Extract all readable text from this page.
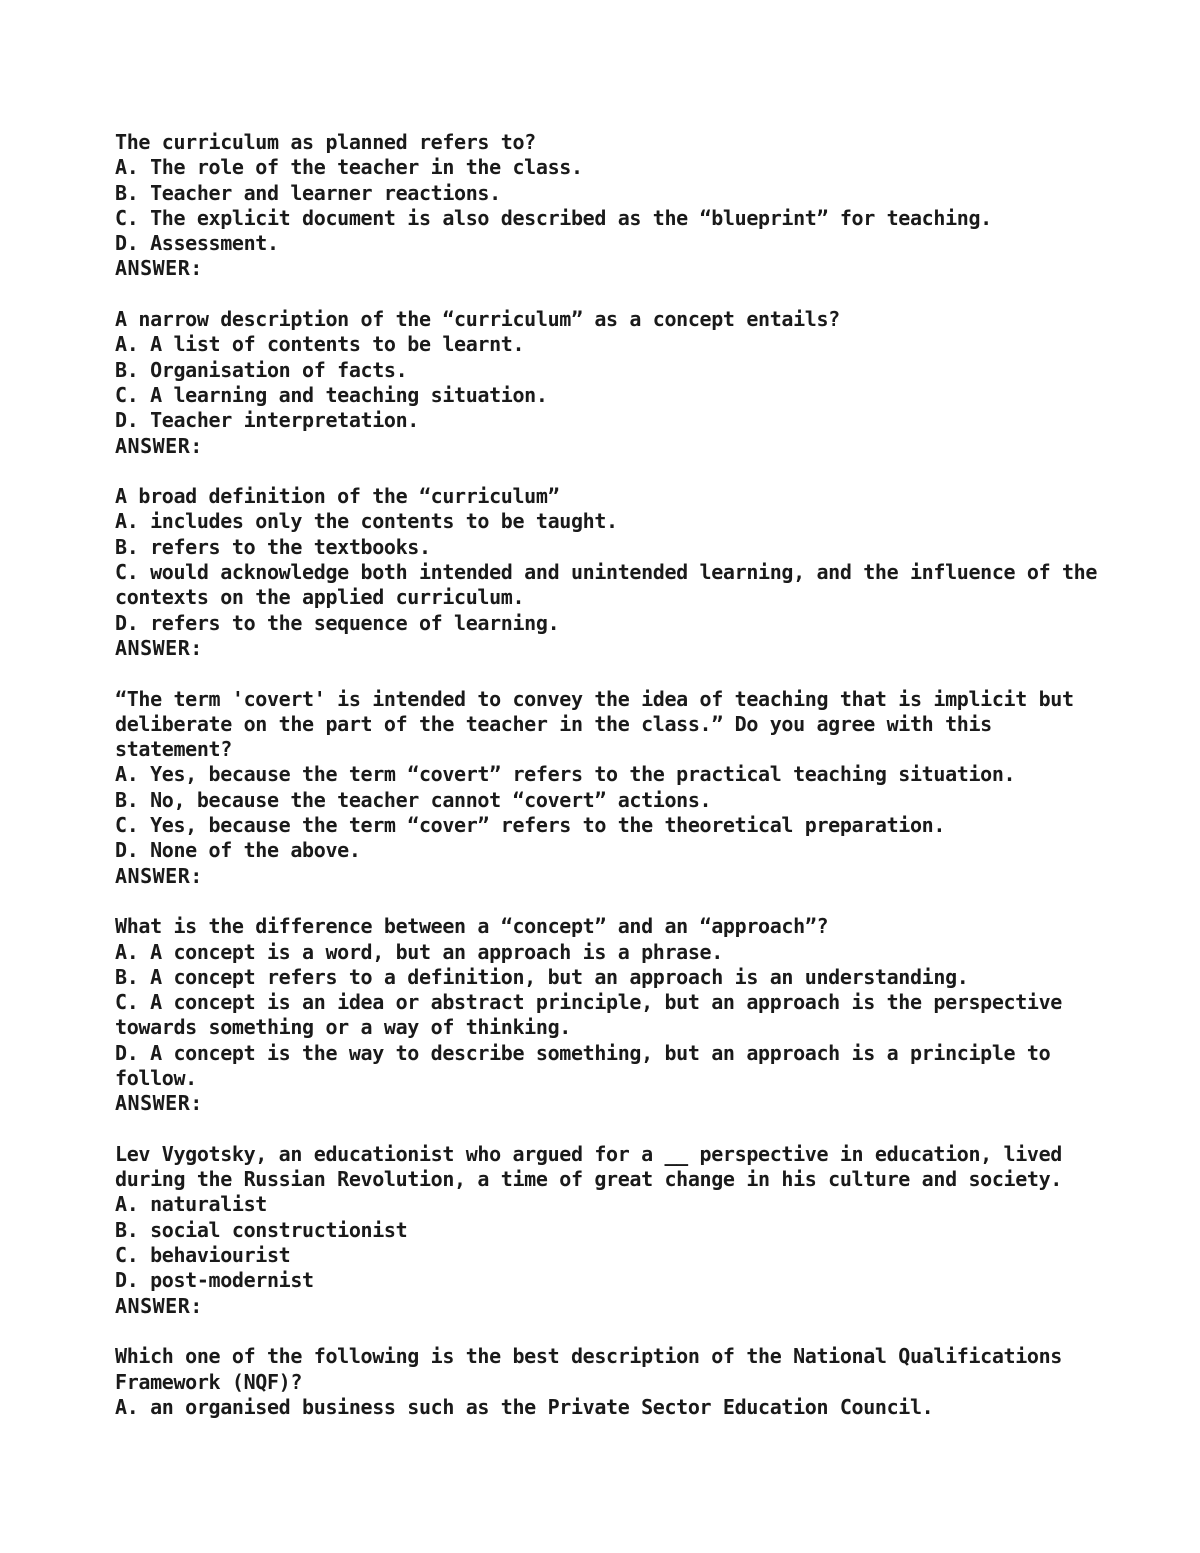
The curriculum as planned refers to?
A. The role of the teacher in the class.
B. Teacher and learner reactions.
C. The explicit document is also described as the “blueprint” for teaching.
D. Assessment.
ANSWER:
A narrow description of the “curriculum” as a concept entails?
A. A list of contents to be learnt.
B. Organisation of facts.
C. A learning and teaching situation.
D. Teacher interpretation.
ANSWER:
A broad definition of the “curriculum”
A. includes only the contents to be taught.
B. refers to the textbooks.
C. would acknowledge both intended and unintended learning, and the influence of the contexts on the applied curriculum.
D. refers to the sequence of learning.
ANSWER:
“The term 'covert' is intended to convey the idea of teaching that is implicit but deliberate on the part of the teacher in the class.” Do you agree with this statement?
A. Yes, because the term “covert” refers to the practical teaching situation.
B. No, because the teacher cannot “covert” actions.
C. Yes, because the term “cover” refers to the theoretical preparation.
D. None of the above.
ANSWER:
What is the difference between a “concept” and an “approach”?
A. A concept is a word, but an approach is a phrase.
B. A concept refers to a definition, but an approach is an understanding.
C. A concept is an idea or abstract principle, but an approach is the perspective towards something or a way of thinking.
D. A concept is the way to describe something, but an approach is a principle to follow.
ANSWER:
Lev Vygotsky, an educationist who argued for a __ perspective in education, lived during the Russian Revolution, a time of great change in his culture and society.
A. naturalist
B. social constructionist
C. behaviourist
D. post-modernist
ANSWER:
Which one of the following is the best description of the National Qualifications Framework (NQF)?
A. an organised business such as the Private Sector Education Council.
